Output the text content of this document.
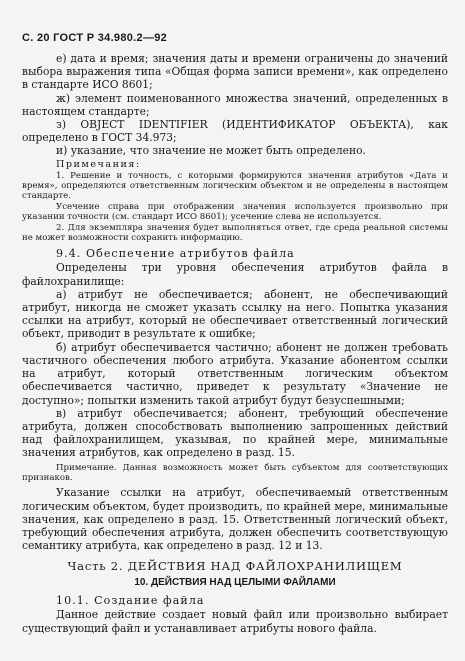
С. 20 ГОСТ Р 34.980.2—92

е) дата и время; значения даты и времени ограничены до значений выбора выражения типа «Общая форма записи времени», как определено в стандарте ИСО 8601;

ж) элемент поименованного множества значений, определенных в настоящем стандарте;

з) OBJECT IDENTIFIER (ИДЕНТИФИКАТОР ОБЪЕКТА), как определено в ГОСТ 34.973;

и) указание, что значение не может быть определено.

Примечания:

1. Решение и точность, с которыми формируются значения атрибутов «Дата и время», определяются ответственным логическим объектом и не определены в настоящем стандарте.

Усечение справа при отображении значения используется произвольно при указании точности (см. стандарт ИСО 8601); усечение слева не используется.

2. Для экземпляра значения будет выполняться ответ, где среда реальной системы не может возможности сохранить информацию.

9.4. Обеспечение атрибутов файла

Определены три уровня обеспечения атрибутов файла в файлохранилище:

а) атрибут не обеспечивается; абонент, не обеспечивающий атрибут, никогда не сможет указать ссылку на него. Попытка указания ссылки на атрибут, который не обеспечивает ответственный логический объект, приводит в результате к ошибке;

б) атрибут обеспечивается частично; абонент не должен требовать частичного обеспечения любого атрибута. Указание абонентом ссылки на атрибут, который ответственным логическим объектом обеспечивается частично, приведет к результату «Значение не доступно»; попытки изменить такой атрибут будут безуспешными;

в) атрибут обеспечивается; абонент, требующий обеспечение атрибута, должен способствовать выполнению запрошенных действий над файлохранилищем, указывая, по крайней мере, минимальные значения атрибутов, как определено в разд. 15.

Примечание. Данная возможность может быть субъектом для соответствующих признаков.

Указание ссылки на атрибут, обеспечиваемый ответственным логическим объектом, будет производить, по крайней мере, минимальные значения, как определено в разд. 15. Ответственный логический объект, требующий обеспечения атрибута, должен обеспечить соответствующую семантику атрибута, как определено в разд. 12 и 13.

Часть 2. ДЕЙСТВИЯ НАД ФАЙЛОХРАНИЛИЩЕМ

10. ДЕЙСТВИЯ НАД ЦЕЛЫМИ ФАЙЛАМИ

10.1. Создание файла

Данное действие создает новый файл или произвольно выбирает существующий файл и устанавливает атрибуты нового файла.
